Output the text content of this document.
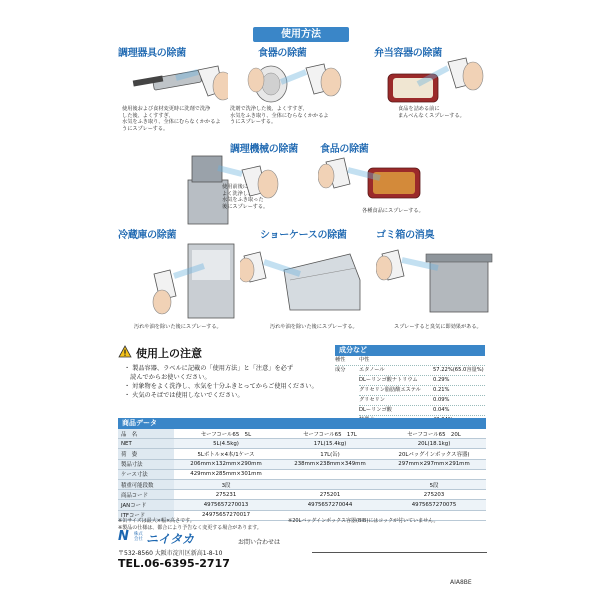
使用方法
調理器具の除菌
使用後および食材変更時に洗剤で洗浄
した後、よくすすぎ、
水気をふき取り、全体にむらなくかかるよ
うにスプレーする。
食器の除菌
洗剤で洗浄した後、よくすすぎ、
水気をふき取り、全体にむらなくかかるよ
うにスプレーする。
弁当容器の除菌
食品を詰める前に
まんべんなくスプレーする。
調理機械の除菌
使用前後に
よく洗浄し、
水気をふき取った
後にスプレーする。
食品の除菌
各種食品にスプレーする。
冷蔵庫の除菌
汚れや油を除いた後にスプレーする。
ショーケースの除菌
汚れや油を除いた後にスプレーする。
ゴミ箱の消臭
スプレーすると臭気に即効果がある。
使用上の注意
・ 製品容器、ラベルに記載の「使用方法」と「注意」を必ず
　読んでからお使いください。
・ 対象物をよく洗浄し、水気を十分ふきとってからご使用ください。
・ 火気のそばでは使用しないでください。
成分など
種性	中性
成分	エタノール	57.22%(65.0容量%)
DLーリンゴ酸ナトリウム	0.29%
グリセリン脂肪酸エステル 0.21%
グリセリン	0.09%
DLーリンゴ酸	0.04%
商品データ
品　名	セーフコール65　5L	セーフコール65　17L	セーフコール65　20L
NET	5L(4.5kg)	17L(15.4kg)	20L(18.1kg)
荷　姿	5Lボトル×4本/1ケース	17L(缶)	20Lバッグインボックス容器)
製品寸法	206mm×132mm×290mm	238mm×238mm×349mm	297mm×297mm×291mm
ケース寸法	429mm×285mm×301mm		
積重可能段数	3段		5段
商品コード	275231	275201	275203
JANコード	4975657270013	4975657270044	4975657270075
ITFコード	24975657270017		
※缶サイズは最大×幅×高さです。
※製品の仕様は、都合により予告なく変更する場合があります。
※20Lバッグインボックス容器(BIB)にはコックが付いていません。
N	株式
会社 ニイタカ
〒532-8560 大阪市淀川区新高1-8-10
TEL.06-6395-2717
お問い合わせは
AIA8BE
